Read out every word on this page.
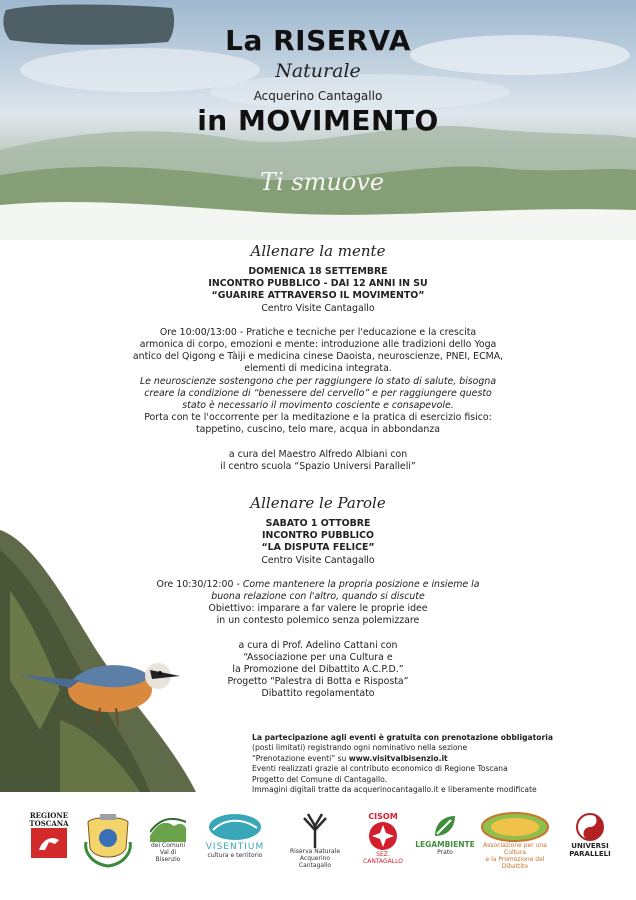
La RISERVA
Naturale
Acquerino Cantagallo
in MOVIMENTO
Ti smuove
Allenare la mente
DOMENICA 18 SETTEMBRE
INCONTRO PUBBLICO - DAI 12 ANNI IN SU
“GUARIRE ATTRAVERSO IL MOVIMENTO”
Centro Visite Cantagallo
Ore 10:00/13:00 - Pratiche e tecniche per l'educazione e la crescita
armonica di corpo, emozioni e mente: introduzione alle tradizioni dello Yoga
antico del Qigong e Tàiji e medicina cinese Daoista, neuroscienze, PNEI, ECMA,
elementi di medicina integrata.
Le neuroscienze sostengono che per raggiungere lo stato di salute, bisogna
creare la condizione di “benessere del cervello” e per raggiungere questo
stato è necessario il movimento cosciente e consapevole.
Porta con te l'occorrente per la meditazione e la pratica di esercizio fisico:
tappetino, cuscino, telo mare, acqua in abbondanza
a cura del Maestro Alfredo Albiani con
il centro scuola “Spazio Universi Paralleli”
Allenare le Parole
SABATO 1 OTTOBRE
INCONTRO PUBBLICO
“LA DISPUTA FELICE”
Centro Visite Cantagallo
Ore 10:30/12:00 - Come mantenere la propria posizione e insieme la
buona relazione con l'altro, quando si discute
Obiettivo: imparare a far valere le proprie idee
in un contesto polemico senza polemizzare
a cura di Prof. Adelino Cattani con
“Associazione per una Cultura e
la Promozione del Dibattito A.C.P.D.”
Progetto “Palestra di Botta e Risposta”
Dibattito regolamentato
La partecipazione agli eventi è gratuita con prenotazione obbligatoria
(posti limitati) registrando ogni nominativo nella sezione
“Prenotazione eventi” su www.visitvalbisenzio.it
Eventi realizzati grazie al contributo economico di Regione Toscana
Progetto del Comune di Cantagallo.
Immagini digitali tratte da acquerinocantagallo.it e liberamente modificate
REGIONE
TOSCANA
dei Comuni Val di Bisenzio
VISENTIUM
cultura e territorio
Riserva Naturale
Acquerino Cantagallo
CISOM
SEZ. CANTAGALLO
LEGAMBIENTE
Prato
Associazione per una Cultura
e la Promozione del Dibattito
UNIVERSI
PARALLELI
